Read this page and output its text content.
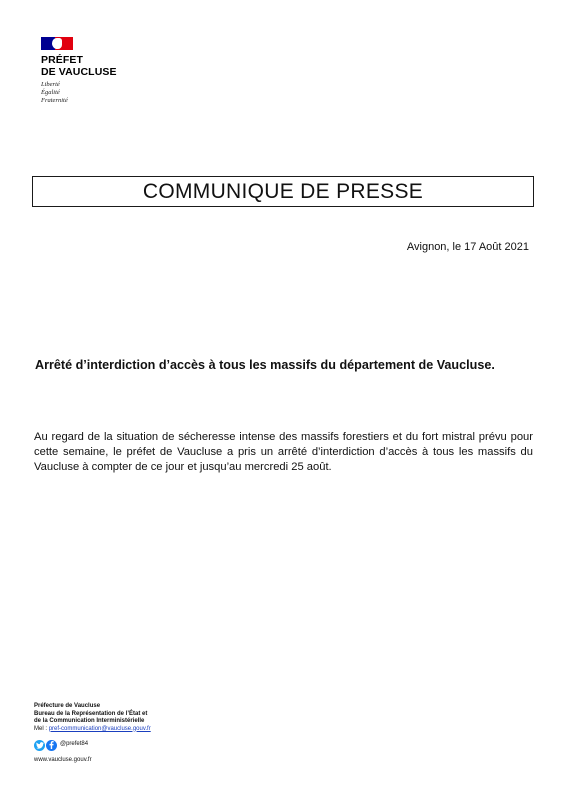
PRÉFET
DE VAUCLUSE
Liberté
Égalité
Fraternité
COMMUNIQUE DE PRESSE
Avignon, le 17 Août 2021
Arrêté d’interdiction d’accès à tous les massifs du département de Vaucluse.
Au regard de la situation de sécheresse intense des massifs forestiers et du fort mistral prévu pour cette semaine, le préfet de Vaucluse a pris un arrêté d’interdiction d’accès à tous les massifs du Vaucluse à compter de ce jour et jusqu’au mercredi 25 août.
Préfecture de Vaucluse
Bureau de la Représentation de l’État et
de la Communication Interministérielle
Mel : pref-communication@vaucluse.gouv.fr
@prefet84
www.vaucluse.gouv.fr
